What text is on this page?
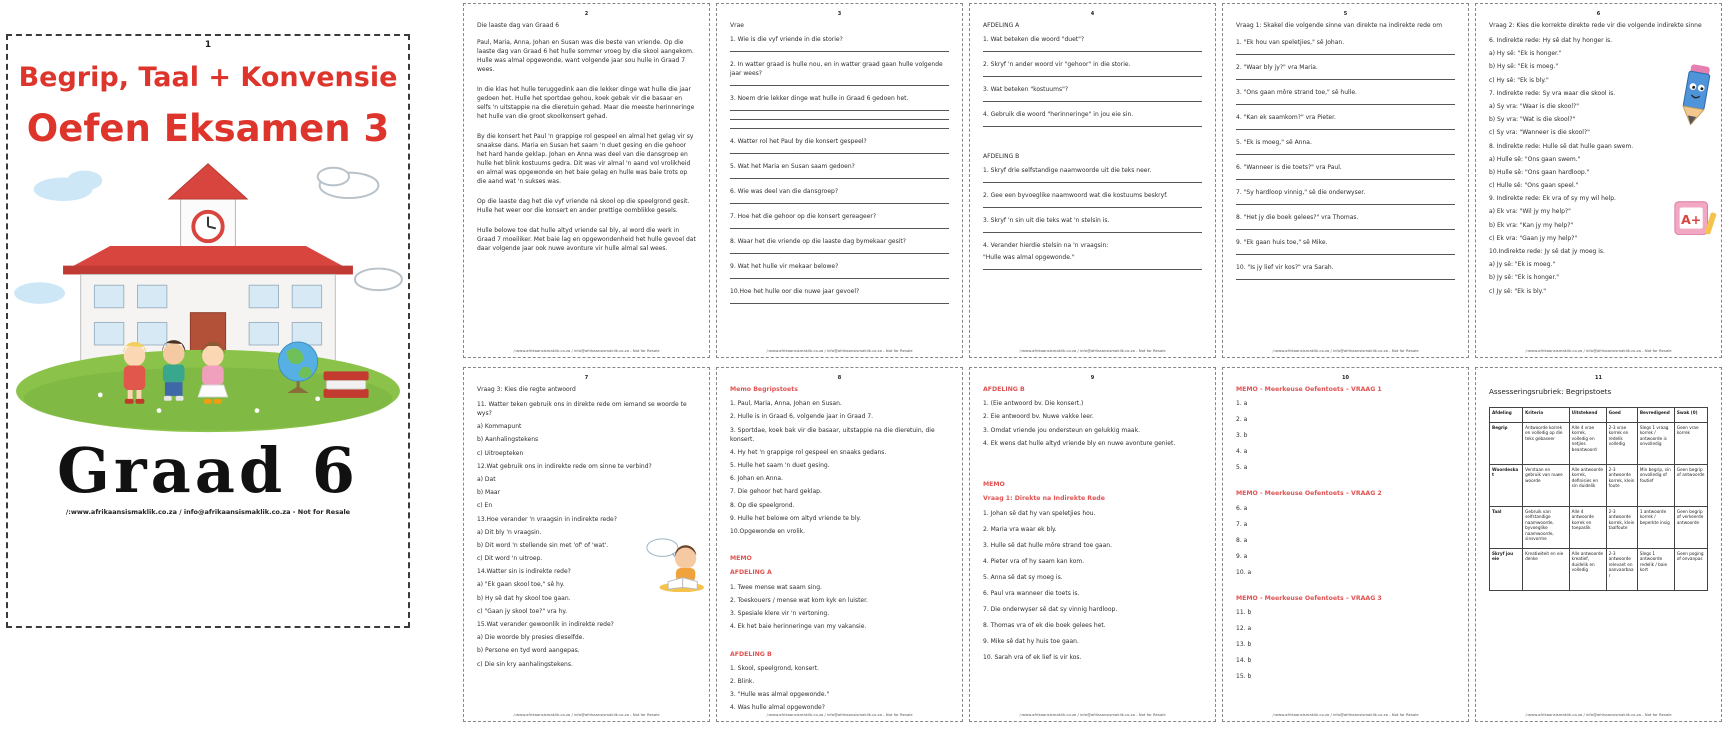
1
Begrip, Taal + Konvensie
Oefen Eksamen 3
Graad 6
/:www.afrikaansismaklik.co.za / info@afrikaansismaklik.co.za - Not for Resale
2
Die laaste dag van Graad 6
Paul, Maria, Anna, Johan en Susan was die beste van vriende. Op die laaste dag van Graad 6 het hulle sommer vroeg by die skool aangekom. Hulle was almal opgewonde, want volgende jaar sou hulle in Graad 7 wees.
In die klas het hulle teruggedink aan die lekker dinge wat hulle die jaar gedoen het. Hulle het sportdae gehou, koek gebak vir die basaar en selfs 'n uitstappie na die dieretuin gehad. Maar die meeste herinneringe het hulle van die groot skoolkonsert gehad.
By die konsert het Paul 'n grappige rol gespeel en almal het gelag vir sy snaakse dans. Maria en Susan het saam 'n duet gesing en die gehoor het hard hande geklap. Johan en Anna was deel van die dansgroep en hulle het blink kostuums gedra. Dit was vir almal 'n aand vol vrolikheid en almal was opgewonde en het baie gelag en hulle was baie trots op die aand wat 'n sukses was.
Op die laaste dag het die vyf vriende ná skool op die speelgrond gesit. Hulle het weer oor die konsert en ander prettige oomblikke gesels.
Hulle belowe toe dat hulle altyd vriende sal bly, al word die werk in Graad 7 moeiliker. Met baie lag en opgewondenheid het hulle gevoel dat daar volgende jaar ook nuwe avonture vir hulle almal sal wees.
/:www.afrikaansismaklik.co.za / info@afrikaansismaklik.co.za - Not for Resale
3
Vrae
1. Wie is die vyf vriende in die storie?
2. In watter graad is hulle nou, en in watter graad gaan hulle volgende jaar wees?
3. Noem drie lekker dinge wat hulle in Graad 6 gedoen het.
4. Watter rol het Paul by die konsert gespeel?
5. Wat het Maria en Susan saam gedoen?
6. Wie was deel van die dansgroep?
7. Hoe het die gehoor op die konsert gereageer?
8. Waar het die vriende op die laaste dag bymekaar gesit?
9. Wat het hulle vir mekaar belowe?
10.Hoe het hulle oor die nuwe jaar gevoel?
/:www.afrikaansismaklik.co.za / info@afrikaansismaklik.co.za - Not for Resale
4
AFDELING A
1. Wat beteken die woord "duet"?
2. Skryf 'n ander woord vir "gehoor" in die storie.
3. Wat beteken "kostuums"?
4. Gebruik die woord "herinneringe" in jou eie sin.
AFDELING B
1. Skryf drie selfstandige naamwoorde uit die teks neer.
2. Gee een byvoeglike naamwoord wat die kostuums beskryf.
3. Skryf 'n sin uit die teks wat 'n stelsin is.
4. Verander hierdie stelsin na 'n vraagsin:
"Hulle was almal opgewonde."
/:www.afrikaansismaklik.co.za / info@afrikaansismaklik.co.za - Not for Resale
5
Vraag 1: Skakel die volgende sinne van direkte na indirekte rede om
1. "Ek hou van speletjies," sê Johan.
2. "Waar bly jy?" vra Maria.
3. "Ons gaan môre strand toe," sê hulle.
4. "Kan ek saamkom?" vra Pieter.
5. "Ek is moeg," sê Anna.
6. "Wanneer is die toets?" vra Paul.
7. "Sy hardloop vinnig," sê die onderwyser.
8. "Het jy die boek gelees?" vra Thomas.
9. "Ek gaan huis toe," sê Mike.
10. "Is jy lief vir kos?" vra Sarah.
/:www.afrikaansismaklik.co.za / info@afrikaansismaklik.co.za - Not for Resale
6
Vraag 2: Kies die korrekte direkte rede vir die volgende indirekte sinne
6. Indirekte rede: Hy sê dat hy honger is.
a) Hy sê: "Ek is honger."
b) Hy sê: "Ek is moeg."
c) Hy sê: "Ek is bly."
7. Indirekte rede: Sy vra waar die skool is.
a) Sy vra: "Waar is die skool?"
b) Sy vra: "Wat is die skool?"
c) Sy vra: "Wanneer is die skool?"
8. Indirekte rede: Hulle sê dat hulle gaan swem.
a) Hulle sê: "Ons gaan swem."
b) Hulle sê: "Ons gaan hardloop."
c) Hulle sê: "Ons gaan speel."
9. Indirekte rede: Ek vra of sy my wil help.
a) Ek vra: "Wil jy my help?"
b) Ek vra: "Kan jy my help?"
c) Ek vra: "Gaan jy my help?"
10.Indirekte rede: Jy sê dat jy moeg is.
a) Jy sê: "Ek is moeg."
b) Jy sê: "Ek is honger."
c) Jy sê: "Ek is bly."
A+
/:www.afrikaansismaklik.co.za / info@afrikaansismaklik.co.za - Not for Resale
7
Vraag 3: Kies die regte antwoord
11. Watter teken gebruik ons in direkte rede om iemand se woorde te wys?
a) Kommapunt
b) Aanhalingstekens
c) Uitroepteken
12.Wat gebruik ons in indirekte rede om sinne te verbind?
a) Dat
b) Maar
c) En
13.Hoe verander 'n vraagsin in indirekte rede?
a) Dit bly 'n vraagsin.
b) Dit word 'n stellende sin met 'of' of 'wat'.
c) Dit word 'n uitroep.
14.Watter sin is indirekte rede?
a) "Ek gaan skool toe," sê hy.
b) Hy sê dat hy skool toe gaan.
c) "Gaan jy skool toe?" vra hy.
15.Wat verander gewoonlik in indirekte rede?
a) Die woorde bly presies dieselfde.
b) Persone en tyd word aangepas.
c) Die sin kry aanhalingstekens.
/:www.afrikaansismaklik.co.za / info@afrikaansismaklik.co.za - Not for Resale
8
Memo Begripstoets
1. Paul, Maria, Anna, Johan en Susan.
2. Hulle is in Graad 6, volgende jaar in Graad 7.
3. Sportdae, koek bak vir die basaar, uitstappie na die dieretuin, die konsert.
4. Hy het 'n grappige rol gespeel en snaaks gedans.
5. Hulle het saam 'n duet gesing.
6. Johan en Anna.
7. Die gehoor het hard geklap.
8. Op die speelgrond.
9. Hulle het belowe om altyd vriende te bly.
10.Opgewonde en vrolik.
MEMO
AFDELING A
1. Twee mense wat saam sing.
2. Toeskouers / mense wat kom kyk en luister.
3. Spesiale klere vir 'n vertoning.
4. Ek het baie herinneringe van my vakansie.
AFDELING B
1. Skool, speelgrond, konsert.
2. Blink.
3. "Hulle was almal opgewonde."
4. Was hulle almal opgewonde?
/:www.afrikaansismaklik.co.za / info@afrikaansismaklik.co.za - Not for Resale
9
AFDELING B
1. (Eie antwoord bv. Die konsert.)
2. Eie antwoord bv. Nuwe vakke leer.
3. Omdat vriende jou ondersteun en gelukkig maak.
4. Ek wens dat hulle altyd vriende bly en nuwe avonture geniet.
MEMO
Vraag 1: Direkte na Indirekte Rede
1. Johan sê dat hy van speletjies hou.
2. Maria vra waar ek bly.
3. Hulle sê dat hulle môre strand toe gaan.
4. Pieter vra of hy saam kan kom.
5. Anna sê dat sy moeg is.
6. Paul vra wanneer die toets is.
7. Die onderwyser sê dat sy vinnig hardloop.
8. Thomas vra of ek die boek gelees het.
9. Mike sê dat hy huis toe gaan.
10. Sarah vra of ek lief is vir kos.
/:www.afrikaansismaklik.co.za / info@afrikaansismaklik.co.za - Not for Resale
10
MEMO - Meerkeuse Oefentoets – VRAAG 1
1. a
2. a
3. b
4. a
5. a
MEMO - Meerkeuse Oefentoets – VRAAG 2
6. a
7. a
8. a
9. a
10. a
MEMO - Meerkeuse Oefentoets – VRAAG 3
11. b
12. a
13. b
14. b
15. b
/:www.afrikaansismaklik.co.za / info@afrikaansismaklik.co.za - Not for Resale
11
Assesseringsrubriek: Begripstoets
Afdeling	Kriteria	Uitstekend	Goed	Bevredigend	Swak (0)
Begrip	Antwoorde korrek en volledig op die teks gebaseer	Alle 4 vrae korrek, volledig en netjies beantwoord	2-3 vrae korrek en redelik volledig	Slegs 1 vraag korrek / antwoorde is onvolledig	Geen vrae korrek
Woordeskat	Verstaan en gebruik van nuwe woorde	Alle antwoorde korrek, definisies en sin duidelik	2-3 antwoorde korrek, klein foute	Min begrip, sin onvolledig of foutief	Geen begrip of antwoorde
Taal	Gebruik van selfstandige naamwoorde, byvoeglike naamwoorde, sinsvorme	Alle 4 antwoorde korrek en toepaslik	2-3 antwoorde korrek, klein taalfoute	1 antwoorde korrek / beperkte insig	Geen begrip of verkeerde antwoorde
Skryf jou eie	Kreatiwiteit en eie denke	Alle antwoorde kreatief, duidelik en volledig	2-3 antwoorde relevant en aanvaarbaar	Slegs 1 antwoorde redelik / baie kort	Geen poging of onvanpas
/:www.afrikaansismaklik.co.za / info@afrikaansismaklik.co.za - Not for Resale
